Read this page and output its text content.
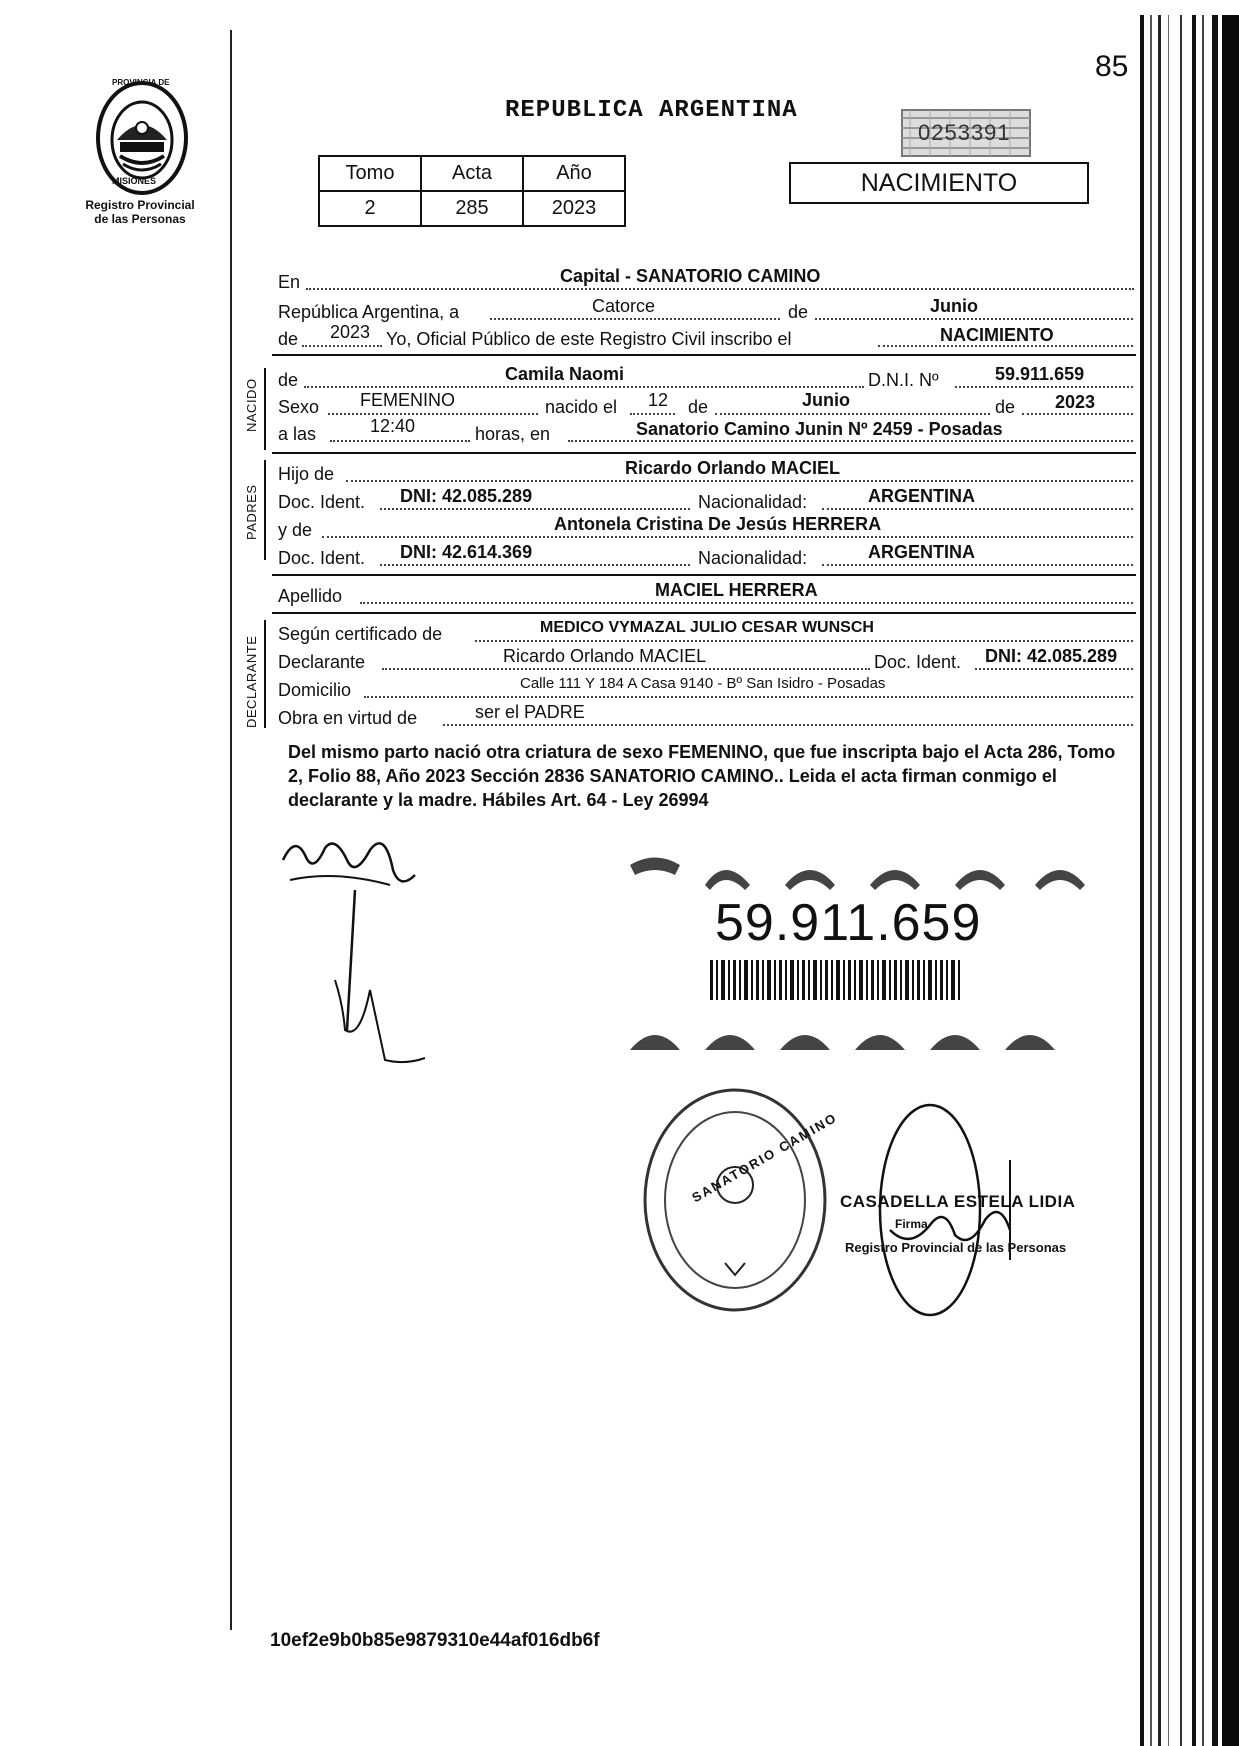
85
PROVINCIA DE
MISIONES
Registro Provincial
de las Personas
REPUBLICA ARGENTINA
0253391
Tomo	Acta	Año
2	285	2023
NACIMIENTO
En	Capital - SANATORIO CAMINO
República Argentina, a	Catorce	de	Junio
de 2023 Yo, Oficial Público de este Registro Civil inscribo el	NACIMIENTO
NACIDO de	Camila Naomi	D.N.I. Nº	59.911.659
Sexo FEMENINO	nacido el 12 de	Junio	de 2023
a las	12:40	horas, en	Sanatorio Camino Junin Nº 2459 - Posadas
PADRES
Hijo de	Ricardo Orlando MACIEL
Doc. Ident. DNI: 42.085.289	Nacionalidad:	ARGENTINA
y de	Antonela Cristina De Jesús HERRERA
Doc. Ident. DNI: 42.614.369	Nacionalidad:	ARGENTINA
Apellido	MACIEL HERRERA
DECLARANTE
Según certificado de	MEDICO VYMAZAL JULIO CESAR WUNSCH
Declarante	Ricardo Orlando MACIEL	Doc. Ident. DNI: 42.085.289
Domicilio	Calle 111 Y 184 A Casa 9140 - Bº San Isidro - Posadas
Obra en virtud de	ser el PADRE
Del mismo parto nació otra criatura de sexo FEMENINO, que fue inscripta bajo el Acta 286, Tomo 2, Folio 88, Año 2023 Sección 2836 SANATORIO CAMINO.. Leida el acta firman conmigo el declarante y la madre. Hábiles Art. 64 - Ley 26994
59.911.659
SANATORIO CAMINO CASADELLA ESTELA LIDIA
Firma
Registro Provincial de las Personas
10ef2e9b0b85e9879310e44af016db6f
